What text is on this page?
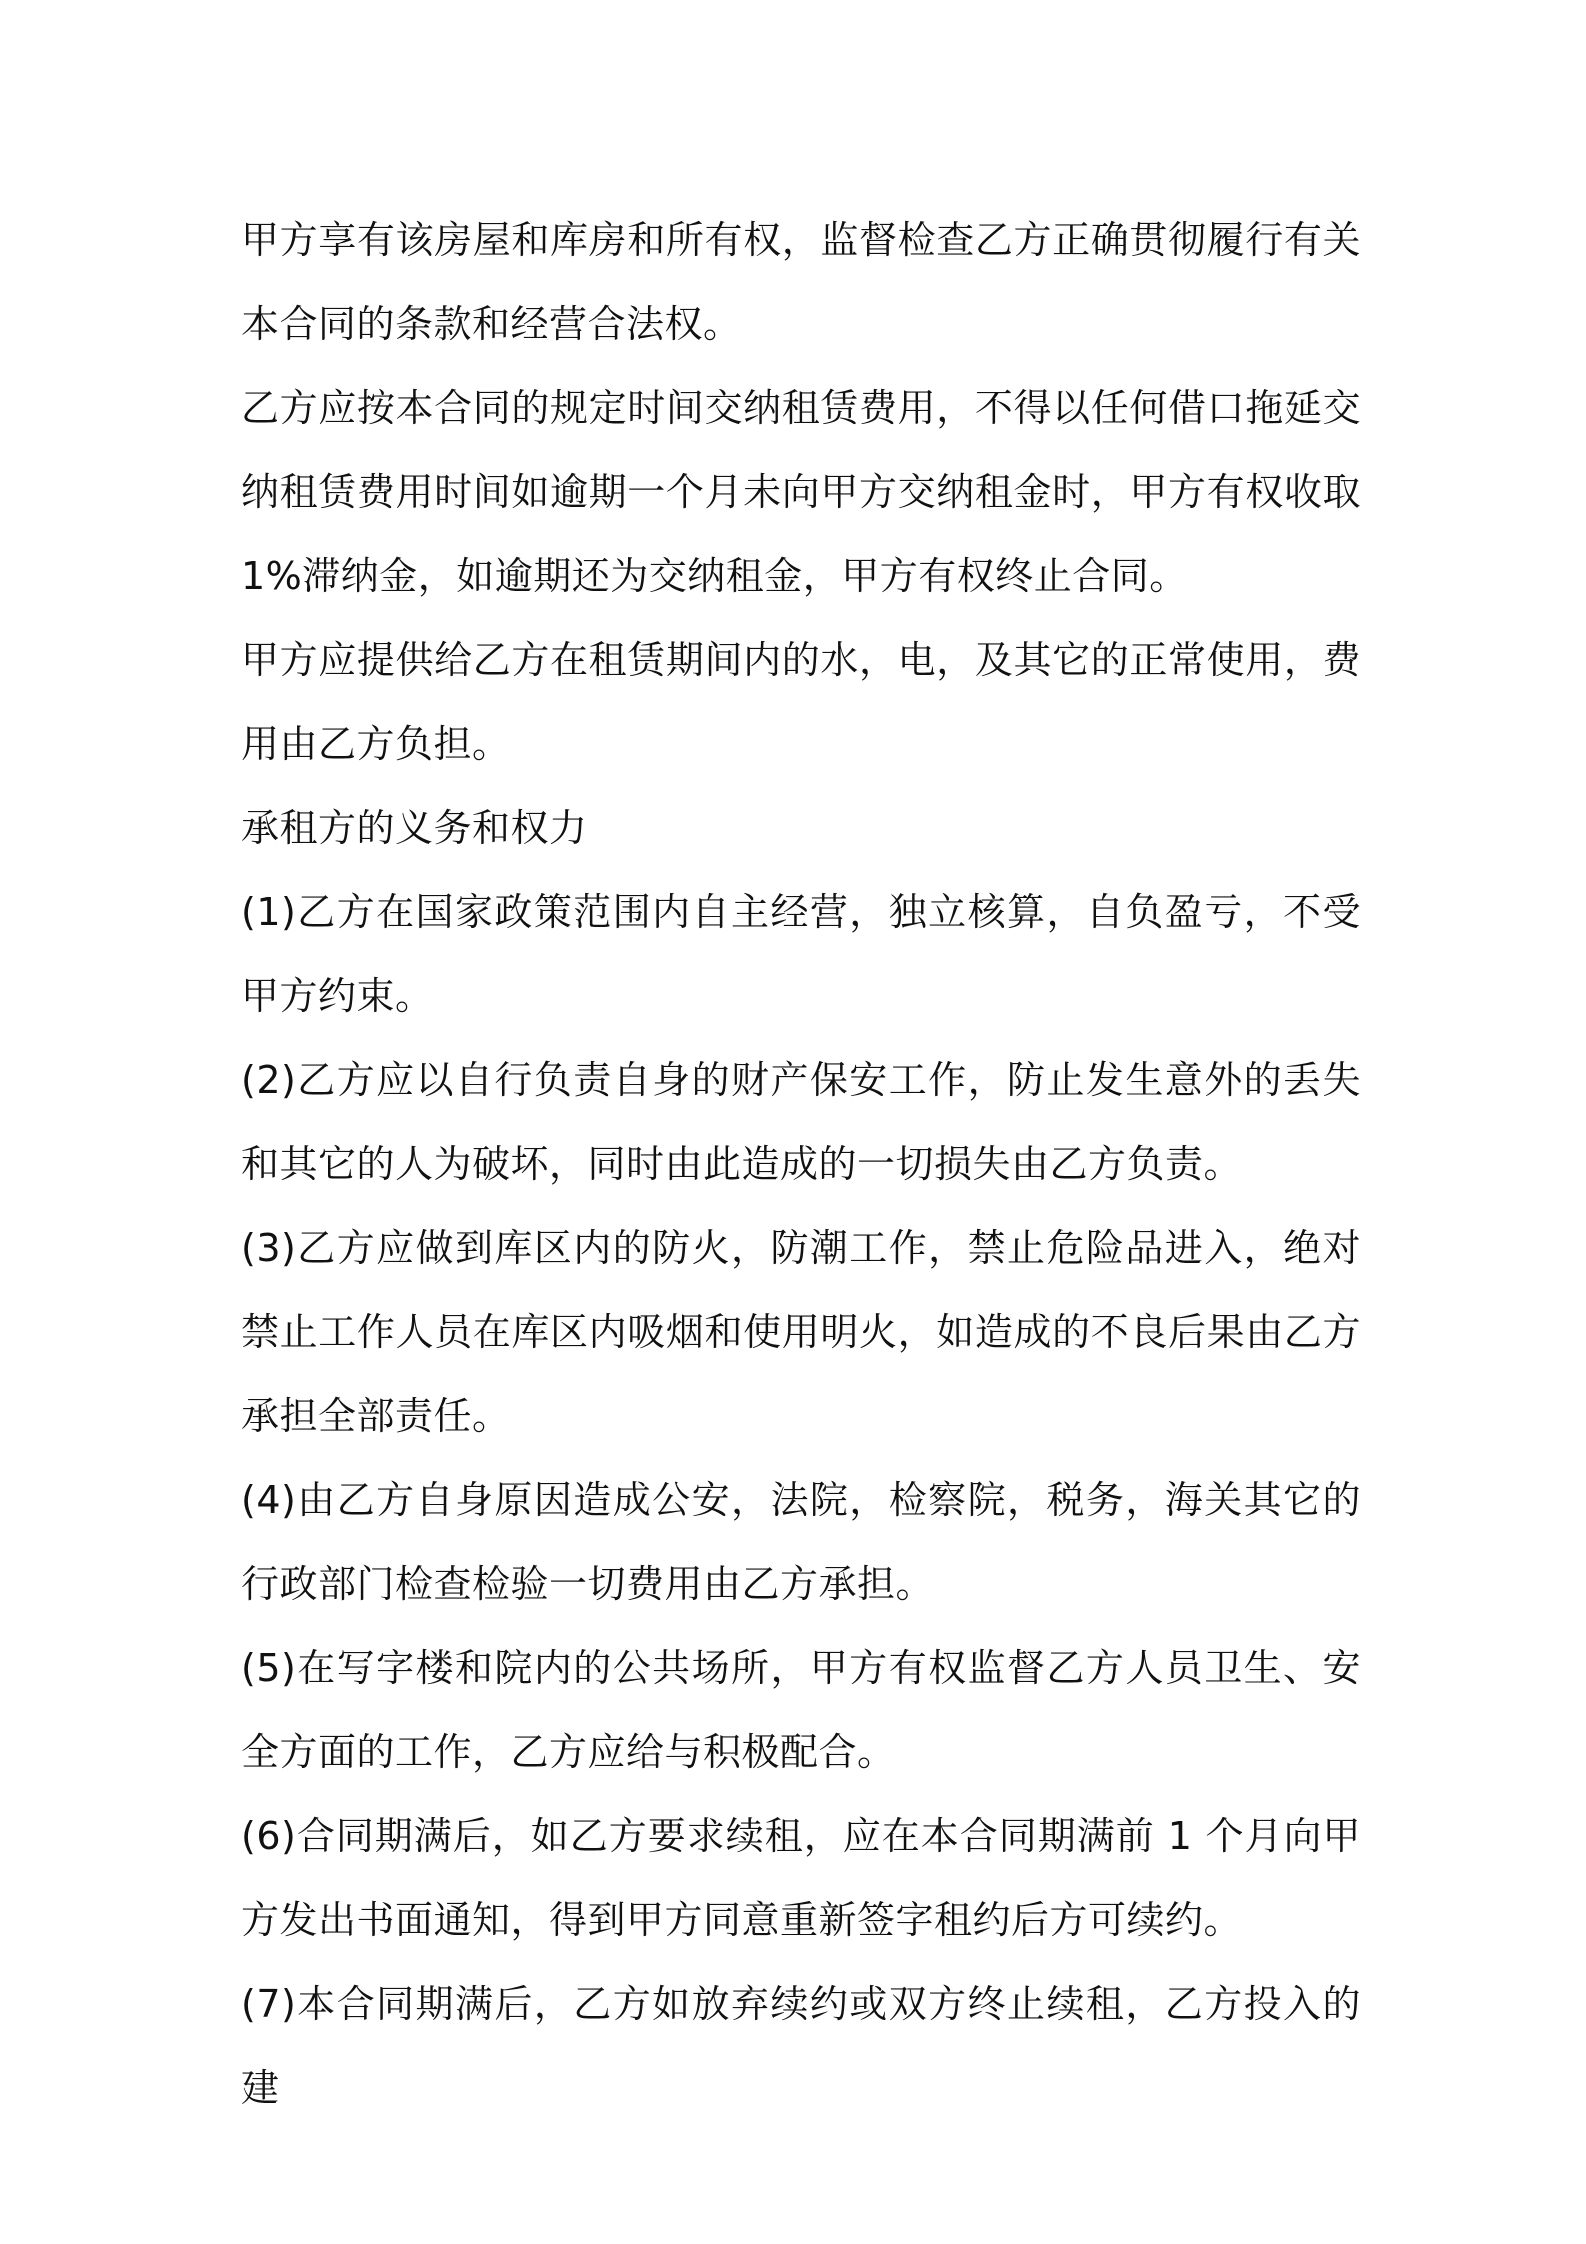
甲方享有该房屋和库房和所有权，监督检查乙方正确贯彻履行有关本合同的条款和经营合法权。

乙方应按本合同的规定时间交纳租赁费用，不得以任何借口拖延交纳租赁费用时间如逾期一个月未向甲方交纳租金时，甲方有权收取 1%滞纳金，如逾期还为交纳租金，甲方有权终止合同。

甲方应提供给乙方在租赁期间内的水，电，及其它的正常使用，费用由乙方负担。

承租方的义务和权力

(1)乙方在国家政策范围内自主经营，独立核算，自负盈亏，不受甲方约束。

(2)乙方应以自行负责自身的财产保安工作，防止发生意外的丢失和其它的人为破坏，同时由此造成的一切损失由乙方负责。

(3)乙方应做到库区内的防火，防潮工作，禁止危险品进入，绝对禁止工作人员在库区内吸烟和使用明火，如造成的不良后果由乙方承担全部责任。

(4)由乙方自身原因造成公安，法院，检察院，税务，海关其它的行政部门检查检验一切费用由乙方承担。

(5)在写字楼和院内的公共场所，甲方有权监督乙方人员卫生、安全方面的工作，乙方应给与积极配合。

(6)合同期满后，如乙方要求续租，应在本合同期满前 1 个月向甲方发出书面通知，得到甲方同意重新签字租约后方可续约。

(7)本合同期满后，乙方如放弃续约或双方终止续租，乙方投入的建
